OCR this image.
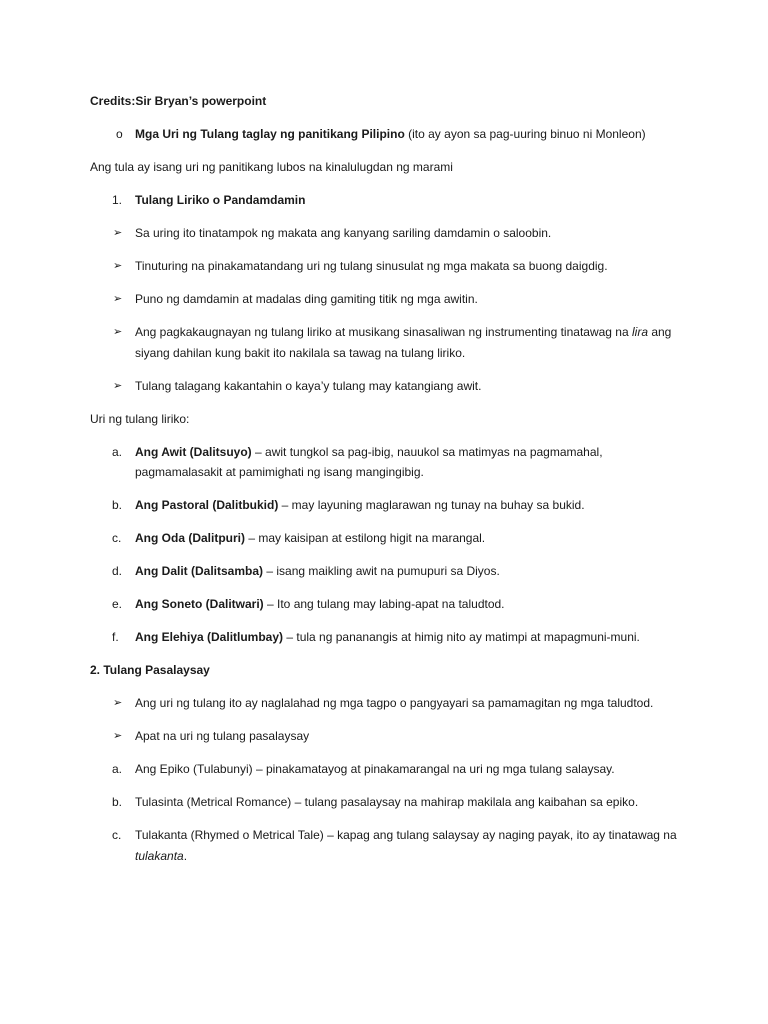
Credits:Sir Bryan’s powerpoint
o	Mga Uri ng Tulang taglay ng panitikang Pilipino (ito ay ayon sa pag-uuring binuo ni Monleon)
Ang tula ay isang uri ng panitikang lubos na kinalulugdan ng marami
1.	Tulang Liriko o Pandamdamin
➢	Sa uring ito tinatampok ng makata ang kanyang sariling damdamin o saloobin.
➢	Tinuturing na pinakamatandang uri ng tulang sinusulat ng mga makata sa buong daigdig.
➢	Puno ng damdamin at madalas ding gamiting titik ng mga awitin.
➢	Ang pagkakaugnayan ng tulang liriko at musikang sinasaliwan ng instrumenting tinatawag na lira ang siyang dahilan kung bakit ito nakilala sa tawag na tulang liriko.
➢	Tulang talagang kakantahin o kaya’y tulang may katangiang awit.
Uri ng tulang liriko:
a.	Ang Awit (Dalitsuyo) – awit tungkol sa pag-ibig, nauukol sa matimyas na pagmamahal, pagmamalasakit at pamimighati ng isang mangingibig.
b.	Ang Pastoral (Dalitbukid) – may layuning maglarawan ng tunay na buhay sa bukid.
c.	Ang Oda (Dalitpuri) – may kaisipan at estilong higit na marangal.
d.	Ang Dalit (Dalitsamba) – isang maikling awit na pumupuri sa Diyos.
e.	Ang Soneto (Dalitwari) – Ito ang tulang may labing-apat na taludtod.
f.	Ang Elehiya (Dalitlumbay) – tula ng pananangis at himig nito ay matimpi at mapagmuni-muni.
2. Tulang Pasalaysay
➢	Ang uri ng tulang ito ay naglalahad ng mga tagpo o pangyayari sa pamamagitan ng mga taludtod.
➢	Apat na uri ng tulang pasalaysay
a.	Ang Epiko (Tulabunyi) – pinakamatayog at pinakamarangal na uri ng mga tulang salaysay.
b.	Tulasinta (Metrical Romance) – tulang pasalaysay na mahirap makilala ang kaibahan sa epiko.
c.	Tulakanta (Rhymed o Metrical Tale) – kapag ang tulang salaysay ay naging payak, ito ay tinatawag na tulakanta.
